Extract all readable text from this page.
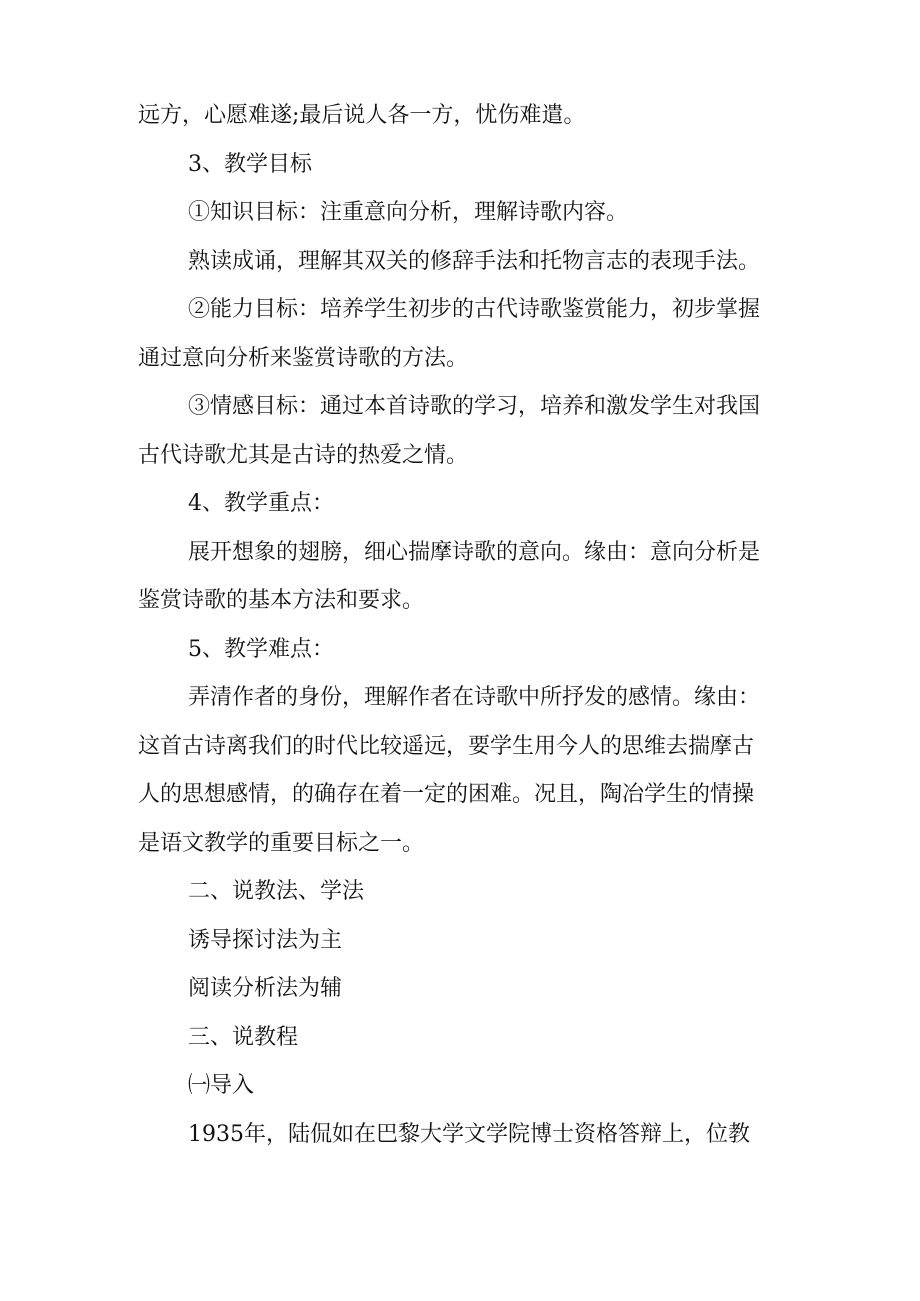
远方，心愿难遂;最后说人各一方，忧伤难遣。
3、教学目标
①知识目标：注重意向分析，理解诗歌内容。
熟读成诵，理解其双关的修辞手法和托物言志的表现手法。
②能力目标：培养学生初步的古代诗歌鉴赏能力，初步掌握
通过意向分析来鉴赏诗歌的方法。
③情感目标：通过本首诗歌的学习，培养和激发学生对我国
古代诗歌尤其是古诗的热爱之情。
4、教学重点：
展开想象的翅膀，细心揣摩诗歌的意向。缘由：意向分析是
鉴赏诗歌的基本方法和要求。
5、教学难点：
弄清作者的身份，理解作者在诗歌中所抒发的感情。缘由：
这首古诗离我们的时代比较遥远，要学生用今人的思维去揣摩古
人的思想感情，的确存在着一定的困难。况且，陶冶学生的情操
是语文教学的重要目标之一。
二、说教法、学法
诱导探讨法为主
阅读分析法为辅
三、说教程
㈠导入
1935年，陆侃如在巴黎大学文学院博士资格答辩上，位教
